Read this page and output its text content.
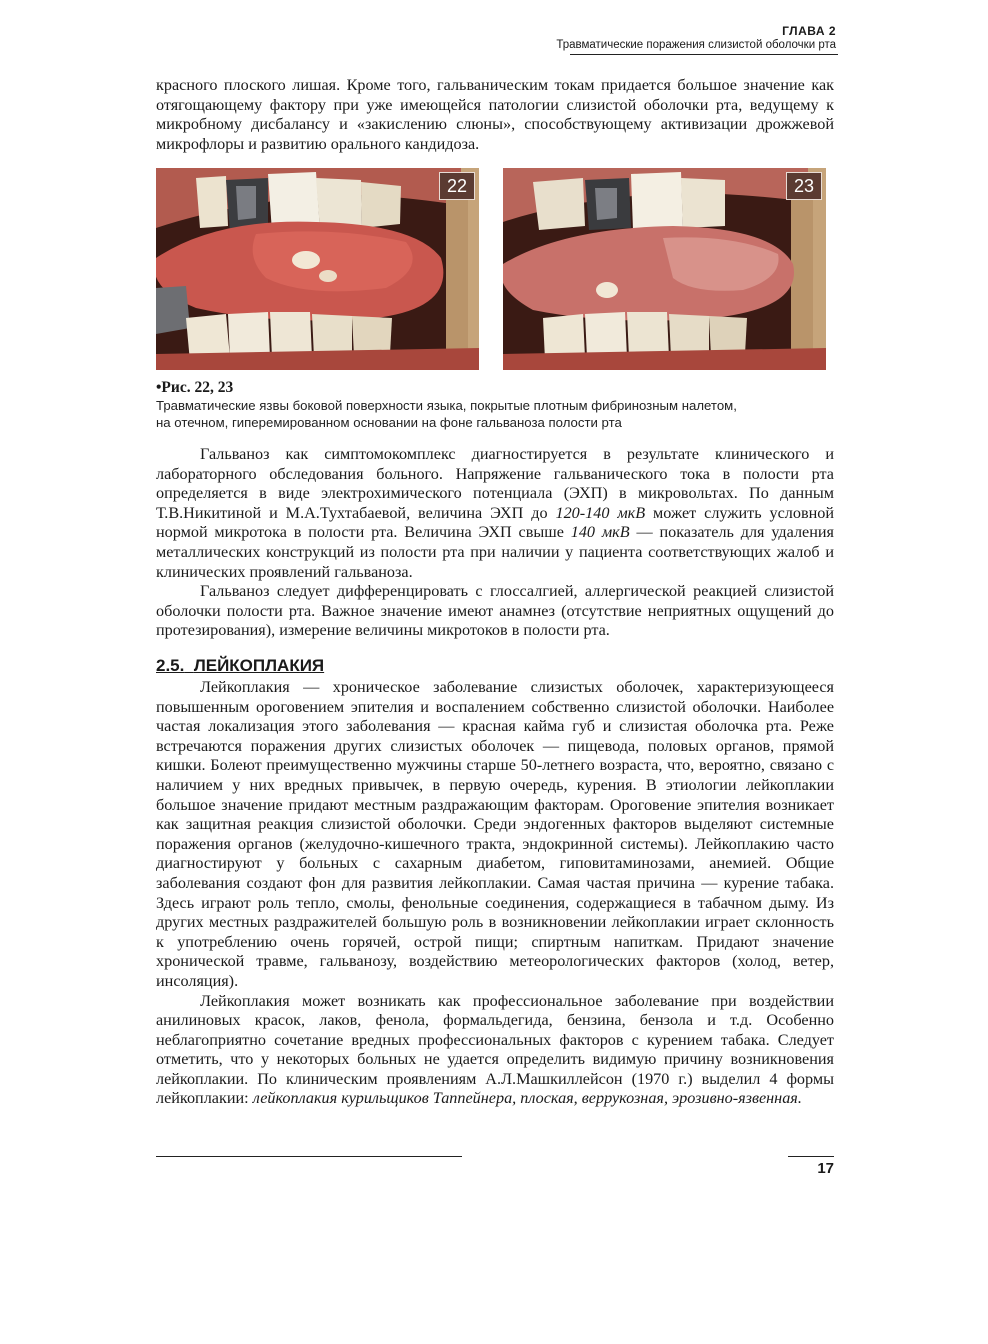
ГЛАВА 2
Травматические поражения слизистой оболочки рта

красного плоского лишая. Кроме того, гальваническим токам придается большое значение как отягощающему фактору при уже имеющейся патологии слизистой оболочки рта, ведущему к микробному дисбалансу и «закислению слюны», способствующему активизации дрожжевой микрофлоры и развитию орального кандидоза.

22	23
•Рис. 22, 23
Травматические язвы боковой поверхности языка, покрытые плотным фибринозным налетом,
на отечном, гиперемированном основании на фоне гальваноза полости рта

Гальваноз как симптомокомплекс диагностируется в результате клинического и лабораторного обследования больного. Напряжение гальванического тока в полости рта определяется в виде электрохимического потенциала (ЭХП) в микровольтах. По данным Т.В.Никитиной и М.А.Тухтабаевой, величина ЭХП до 120-140 мкВ может служить условной нормой микротока в полости рта. Величина ЭХП свыше 140 мкВ — показатель для удаления металлических конструкций из полости рта при наличии у пациента соответствующих жалоб и клинических проявлений гальваноза.

Гальваноз следует дифференцировать с глоссалгией, аллергической реакцией слизистой оболочки полости рта. Важное значение имеют анамнез (отсутствие неприятных ощущений до протезирования), измерение величины микротоков в полости рта.

2.5. ЛЕЙКОПЛАКИЯ

Лейкоплакия — хроническое заболевание слизистых оболочек, характеризующееся повышенным ороговением эпителия и воспалением собственно слизистой оболочки. Наиболее частая локализация этого заболевания — красная кайма губ и слизистая оболочка рта. Реже встречаются поражения других слизистых оболочек — пищевода, половых органов, прямой кишки. Болеют преимущественно мужчины старше 50-летнего возраста, что, вероятно, связано с наличием у них вредных привычек, в первую очередь, курения. В этиологии лейкоплакии большое значение придают местным раздражающим факторам. Ороговение эпителия возникает как защитная реакция слизистой оболочки. Среди эндогенных факторов выделяют системные поражения органов (желудочно-кишечного тракта, эндокринной системы). Лейкоплакию часто диагностируют у больных с сахарным диабетом, гиповитаминозами, анемией. Общие заболевания создают фон для развития лейкоплакии. Самая частая причина — курение табака. Здесь играют роль тепло, смолы, фенольные соединения, содержащиеся в табачном дыму. Из других местных раздражителей большую роль в возникновении лейкоплакии играет склонность к употреблению очень горячей, острой пищи; спиртным напиткам. Придают значение хронической травме, гальванозу, воздействию метеорологических факторов (холод, ветер, инсоляция).

Лейкоплакия может возникать как профессиональное заболевание при воздействии анилиновых красок, лаков, фенола, формальдегида, бензина, бензола и т.д. Особенно неблагоприятно сочетание вредных профессиональных факторов с курением табака. Следует отметить, что у некоторых больных не удается определить видимую причину возникновения лейкоплакии. По клиническим проявлениям А.Л.Машкиллейсон (1970 г.) выделил 4 формы лейкоплакии: лейкоплакия курильщиков Таппейнера, плоская, веррукозная, эрозивно-язвенная.

17
